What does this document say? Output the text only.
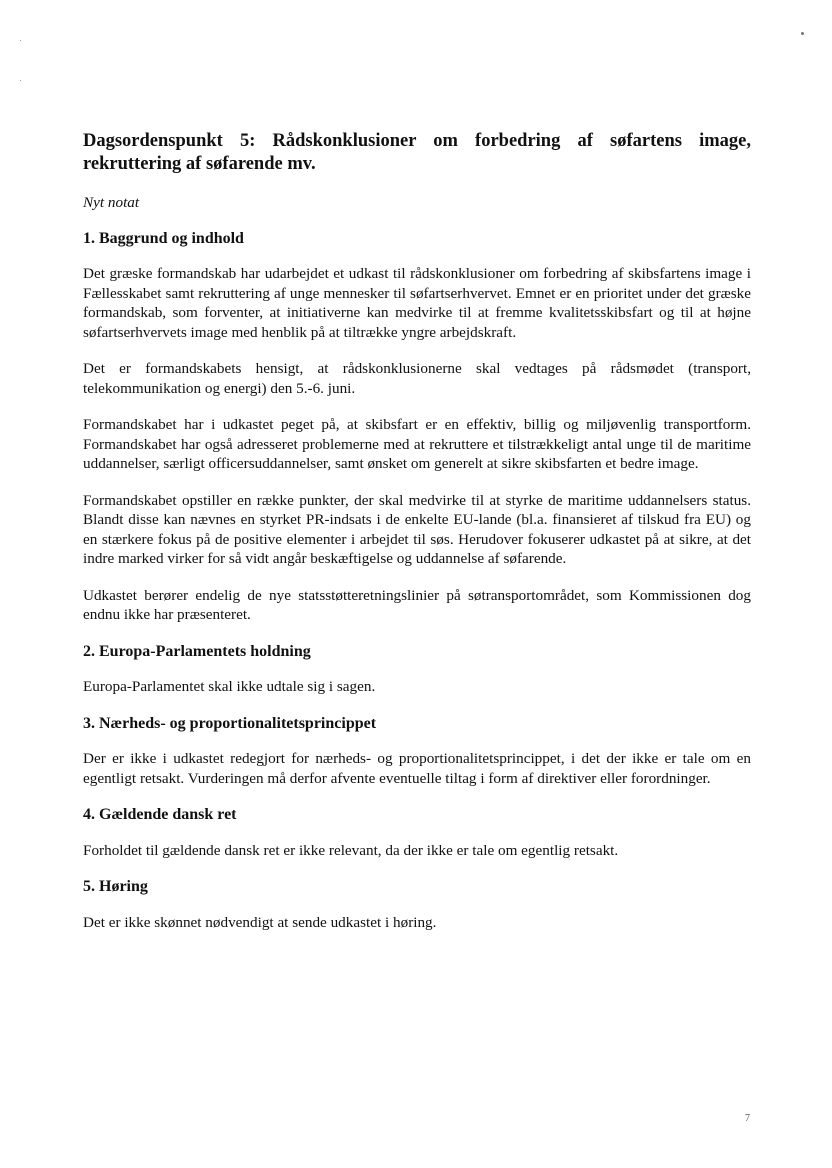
Dagsordenspunkt 5: Rådskonklusioner om forbedring af søfartens image, rekruttering af søfarende mv.

Nyt notat

1. Baggrund og indhold

Det græske formandskab har udarbejdet et udkast til rådskonklusioner om forbedring af skibsfartens image i Fællesskabet samt rekruttering af unge mennesker til søfartserhvervet. Emnet er en prioritet under det græske formandskab, som forventer, at initiativerne kan medvirke til at fremme kvalitetsskibsfart og til at højne søfartserhvervets image med henblik på at tiltrække yngre arbejdskraft.

Det er formandskabets hensigt, at rådskonklusionerne skal vedtages på rådsmødet (transport, telekommunikation og energi) den 5.-6. juni.

Formandskabet har i udkastet peget på, at skibsfart er en effektiv, billig og miljøvenlig transportform. Formandskabet har også adresseret problemerne med at rekruttere et tilstrækkeligt antal unge til de maritime uddannelser, særligt officersuddannelser, samt ønsket om generelt at sikre skibsfarten et bedre image.

Formandskabet opstiller en række punkter, der skal medvirke til at styrke de maritime uddannelsers status. Blandt disse kan nævnes en styrket PR-indsats i de enkelte EU-lande (bl.a. finansieret af tilskud fra EU) og en stærkere fokus på de positive elementer i arbejdet til søs. Herudover fokuserer udkastet på at sikre, at det indre marked virker for så vidt angår beskæftigelse og uddannelse af søfarende.

Udkastet berører endelig de nye statsstøtteretningslinier på søtransportområdet, som Kommissionen dog endnu ikke har præsenteret.

2. Europa-Parlamentets holdning

Europa-Parlamentet skal ikke udtale sig i sagen.

3. Nærheds- og proportionalitetsprincippet

Der er ikke i udkastet redegjort for nærheds- og proportionalitetsprincippet, i det der ikke er tale om en egentligt retsakt. Vurderingen må derfor afvente eventuelle tiltag i form af direktiver eller forordninger.

4. Gældende dansk ret

Forholdet til gældende dansk ret er ikke relevant, da der ikke er tale om egentlig retsakt.

5. Høring

Det er ikke skønnet nødvendigt at sende udkastet i høring.

7
